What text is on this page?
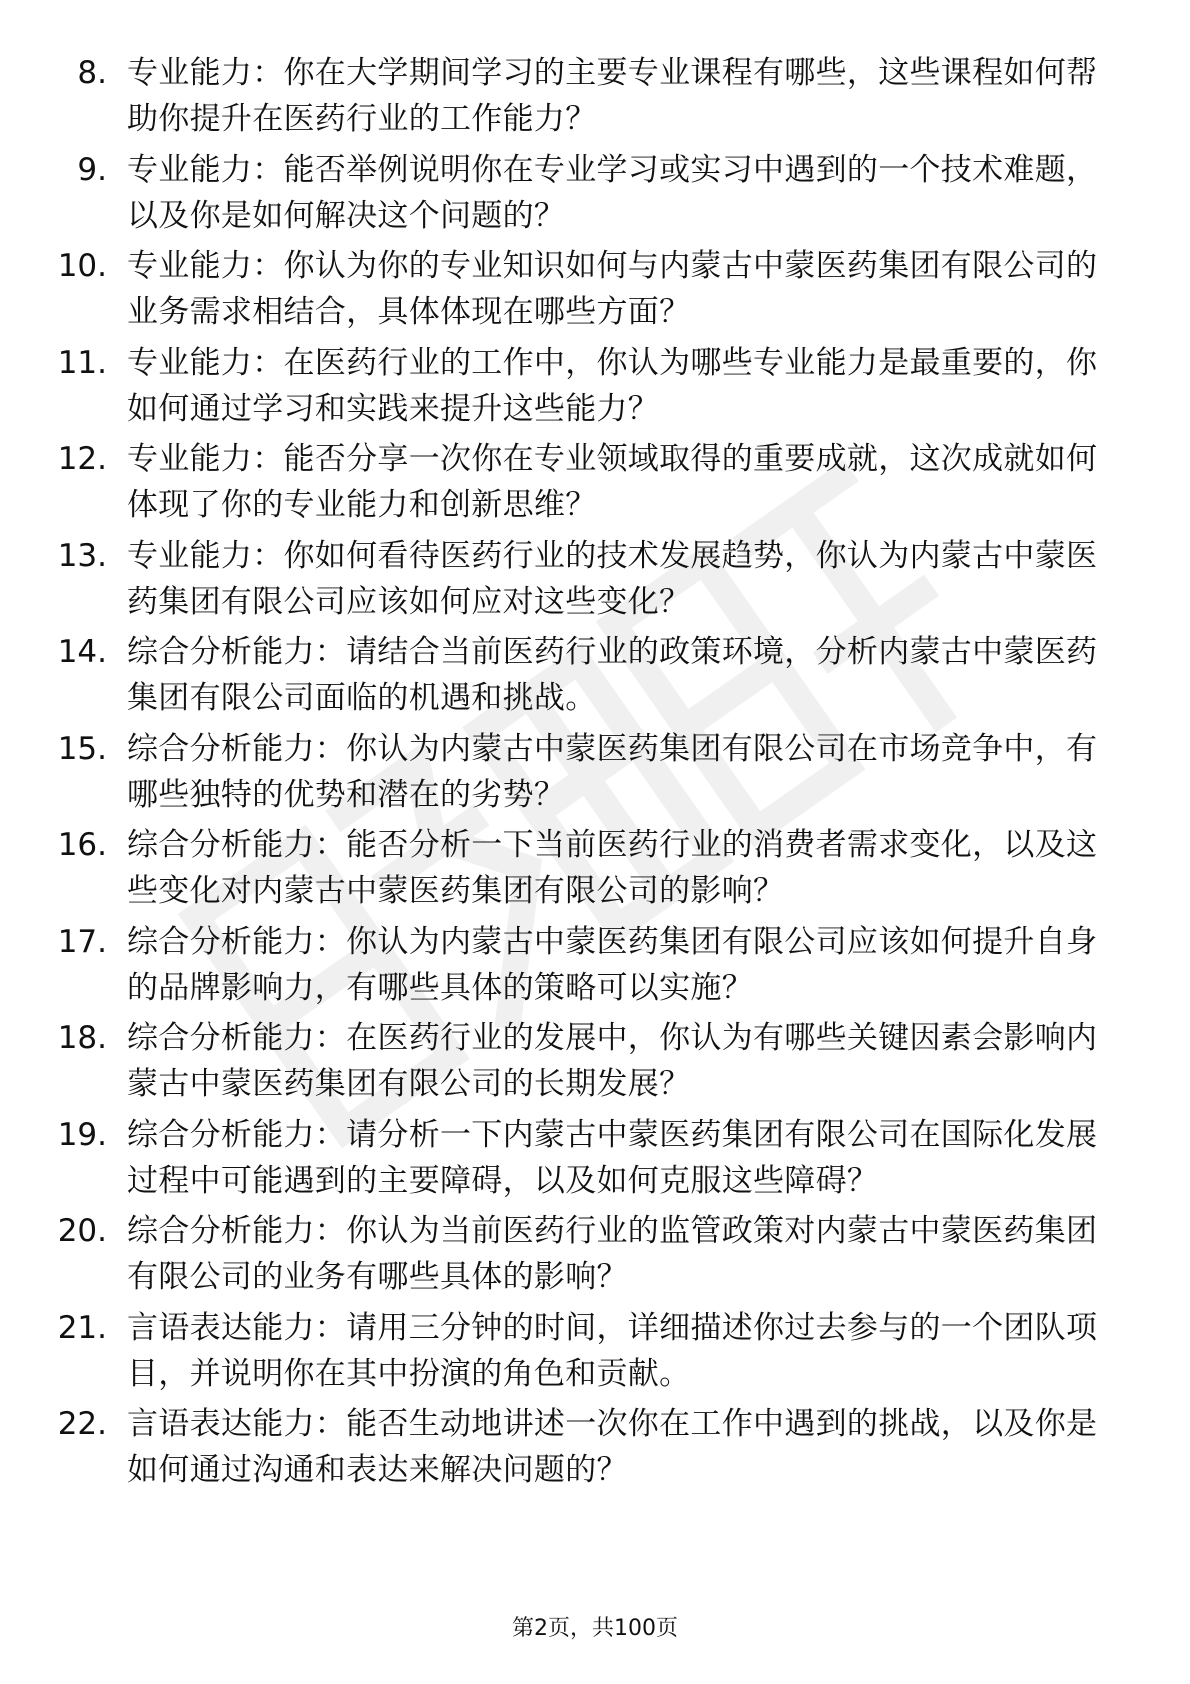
8. 专业能力：你在大学期间学习的主要专业课程有哪些，这些课程如何帮助你提升在医药行业的工作能力？
9. 专业能力：能否举例说明你在专业学习或实习中遇到的一个技术难题，以及你是如何解决这个问题的？
10. 专业能力：你认为你的专业知识如何与内蒙古中蒙医药集团有限公司的业务需求相结合，具体体现在哪些方面？
11. 专业能力：在医药行业的工作中，你认为哪些专业能力是最重要的，你如何通过学习和实践来提升这些能力？
12. 专业能力：能否分享一次你在专业领域取得的重要成就，这次成就如何体现了你的专业能力和创新思维？
13. 专业能力：你如何看待医药行业的技术发展趋势，你认为内蒙古中蒙医药集团有限公司应该如何应对这些变化？
14. 综合分析能力：请结合当前医药行业的政策环境，分析内蒙古中蒙医药集团有限公司面临的机遇和挑战。
15. 综合分析能力：你认为内蒙古中蒙医药集团有限公司在市场竞争中，有哪些独特的优势和潜在的劣势？
16. 综合分析能力：能否分析一下当前医药行业的消费者需求变化，以及这些变化对内蒙古中蒙医药集团有限公司的影响？
17. 综合分析能力：你认为内蒙古中蒙医药集团有限公司应该如何提升自身的品牌影响力，有哪些具体的策略可以实施？
18. 综合分析能力：在医药行业的发展中，你认为有哪些关键因素会影响内蒙古中蒙医药集团有限公司的长期发展？
19. 综合分析能力：请分析一下内蒙古中蒙医药集团有限公司在国际化发展过程中可能遇到的主要障碍，以及如何克服这些障碍？
20. 综合分析能力：你认为当前医药行业的监管政策对内蒙古中蒙医药集团有限公司的业务有哪些具体的影响？
21. 言语表达能力：请用三分钟的时间，详细描述你过去参与的一个团队项目，并说明你在其中扮演的角色和贡献。
22. 言语表达能力：能否生动地讲述一次你在工作中遇到的挑战，以及你是如何通过沟通和表达来解决问题的？
第2页，共100页
